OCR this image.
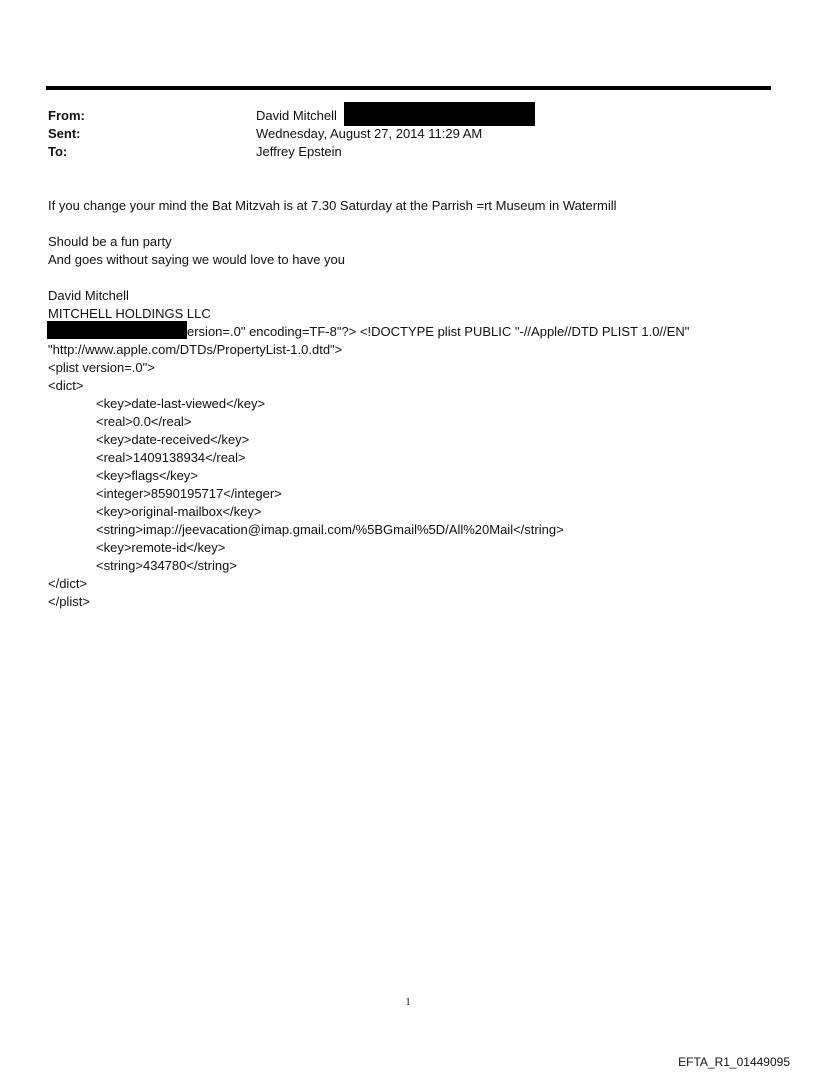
From:	David Mitchell
Sent:	Wednesday, August 27, 2014 11:29 AM
To:	Jeffrey Epstein
If you change your mind the Bat Mitzvah is at 7.30 Saturday at the Parrish =rt Museum in Watermill
Should be a fun party
And goes without saying we would love to have you
David Mitchell
MITCHELL HOLDINGS LLC
ersion=.0" encoding=TF-8"?> <!DOCTYPE plist PUBLIC "-//Apple//DTD PLIST 1.0//EN"
"http://www.apple.com/DTDs/PropertyList-1.0.dtd">
<plist version=.0">
<dict>
<key>date-last-viewed</key>
<real>0.0</real>
<key>date-received</key>
<real>1409138934</real>
<key>flags</key>
<integer>8590195717</integer>
<key>original-mailbox</key>
<string>imap://jeevacation@imap.gmail.com/%5BGmail%5D/All%20Mail</string>
<key>remote-id</key>
<string>434780</string>
</dict>
</plist>
1
EFTA_R1_01449095
